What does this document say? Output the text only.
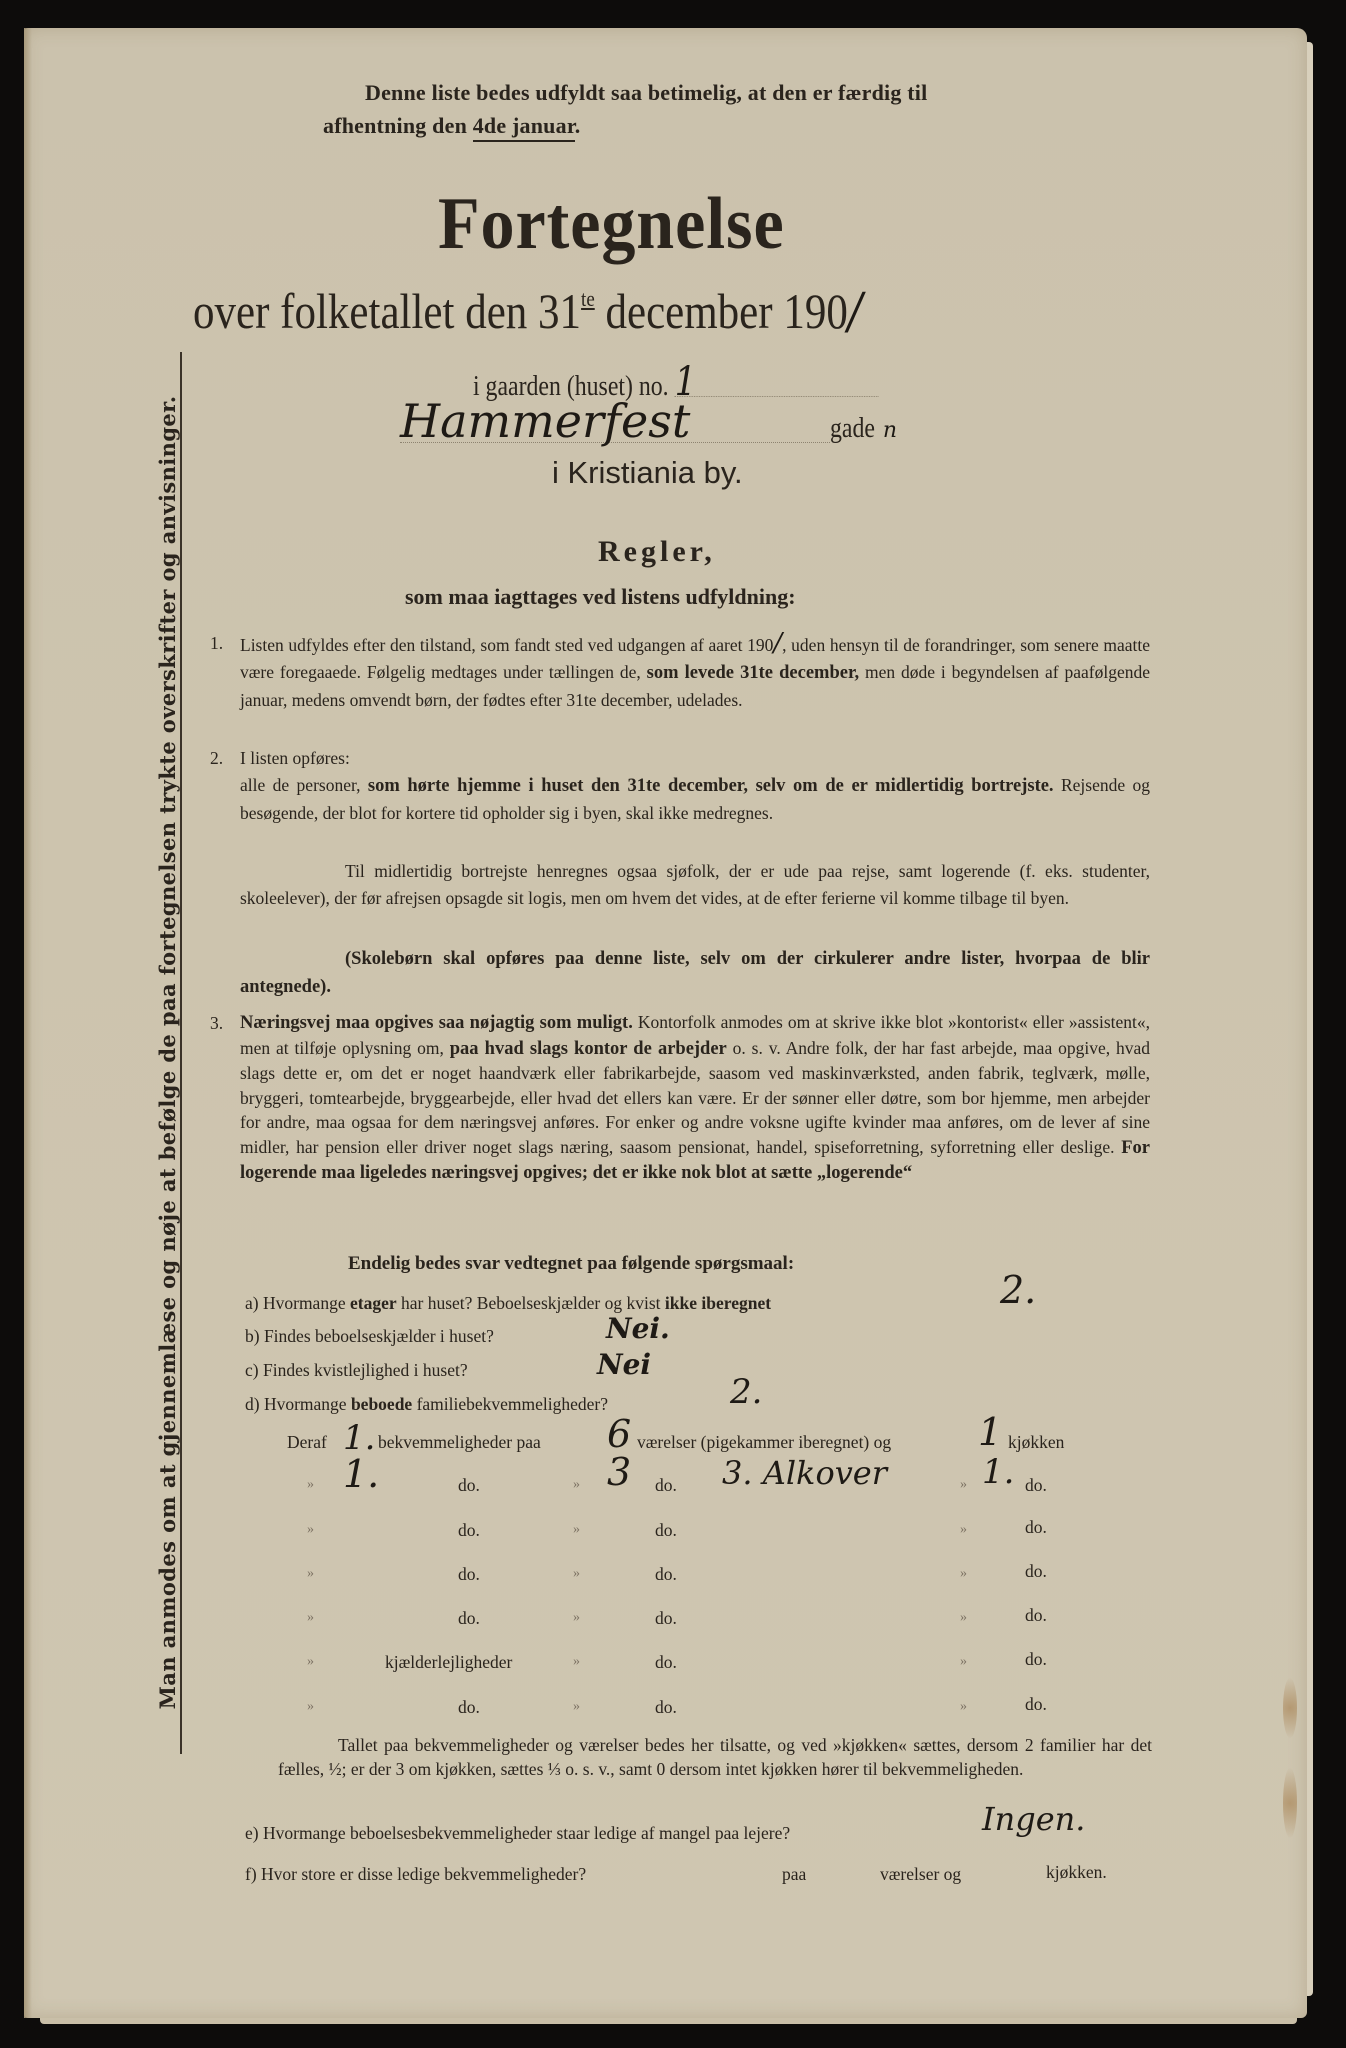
Man anmodes om at gjennemlæse og nøje at befølge de paa fortegnelsen trykte overskrifter og anvisninger.
Denne liste bedes udfyldt saa betimelig, at den er færdig til
afhentning den 4de januar.
Fortegnelse
over folketallet den $31^{te}$ december 190/
i gaarden (huset) no. 1
Hammerfest	gade n
i Kristiania by.
Regler,
som maa iagttages ved listens udfyldning:
1. Listen udfyldes efter den tilstand, som fandt sted ved udgangen af aaret 190/, uden hensyn til de forandringer, som senere maatte være foregaaede. Følgelig medtages under tællingen de, som levede 31te december, men døde i begyndelsen af paafølgende januar, medens omvendt børn, der fødtes efter 31te december, udelades.
2. I listen opføres:
alle de personer, som hørte hjemme i huset den 31te december, selv om de er midlertidig bortrejste. Rejsende og besøgende, der blot for kortere tid opholder sig i byen, skal ikke medregnes.
Til midlertidig bortrejste henregnes ogsaa sjøfolk, der er ude paa rejse, samt logerende (f. eks. studenter, skoleelever), der før afrejsen opsagde sit logis, men om hvem det vides, at de efter ferierne vil komme tilbage til byen.
(Skolebørn skal opføres paa denne liste, selv om der cirkulerer andre lister, hvorpaa de blir antegnede).
3. Næringsvej maa opgives saa nøjagtig som muligt. Kontorfolk anmodes om at skrive ikke blot »kontorist« eller »assistent«, men at tilføje oplysning om, paa hvad slags kontor de arbejder o. s. v. Andre folk, der har fast arbejde, maa opgive, hvad slags dette er, om det er noget haandværk eller fabrikarbejde, saasom ved maskinværksted, anden fabrik, teglværk, mølle, bryggeri, tomtearbejde, bryggearbejde, eller hvad det ellers kan være. Er der sønner eller døtre, som bor hjemme, men arbejder for andre, maa ogsaa for dem næringsvej anføres. For enker og andre voksne ugifte kvinder maa anføres, om de lever af sine midler, har pension eller driver noget slags næring, saasom pensionat, handel, spiseforretning, syforretning eller deslige. For logerende maa ligeledes næringsvej opgives; det er ikke nok blot at sætte „logerende“
Endelig bedes svar vedtegnet paa følgende spørgsmaal:
a) Hvormange etager har huset? Beboelseskjælder og kvist ikke iberegnet	2.
b) Findes beboelseskjælder i huset?	Nei.
c) Findes kvistlejlighed i huset?	Nei
d) Hvormange beboede familiebekvemmeligheder?	2.
Deraf 1. bekvemmeligheder paa 6 værelser (pigekammer iberegnet) og 1 kjøkken
» 1.	do.	» 3 do. 3. Alkover	» 1. do.
»	do.	»	do.	»	do.
»	do.	»	do.	»	do.
»	do.	»	do.	»	do.
»	kjælderlejligheder	»	do.	»	do.
»	do.	»	do.	»	do.
Tallet paa bekvemmeligheder og værelser bedes her tilsatte, og ved »kjøkken« sættes, dersom 2 familier har det fælles, ½; er der 3 om kjøkken, sættes ⅓ o. s. v., samt 0 dersom intet kjøkken hører til bekvemmeligheden.
e) Hvormange beboelsesbekvemmeligheder staar ledige af mangel paa lejere?	Ingen.
f) Hvor store er disse ledige bekvemmeligheder?	paa	værelser og	kjøkken.
